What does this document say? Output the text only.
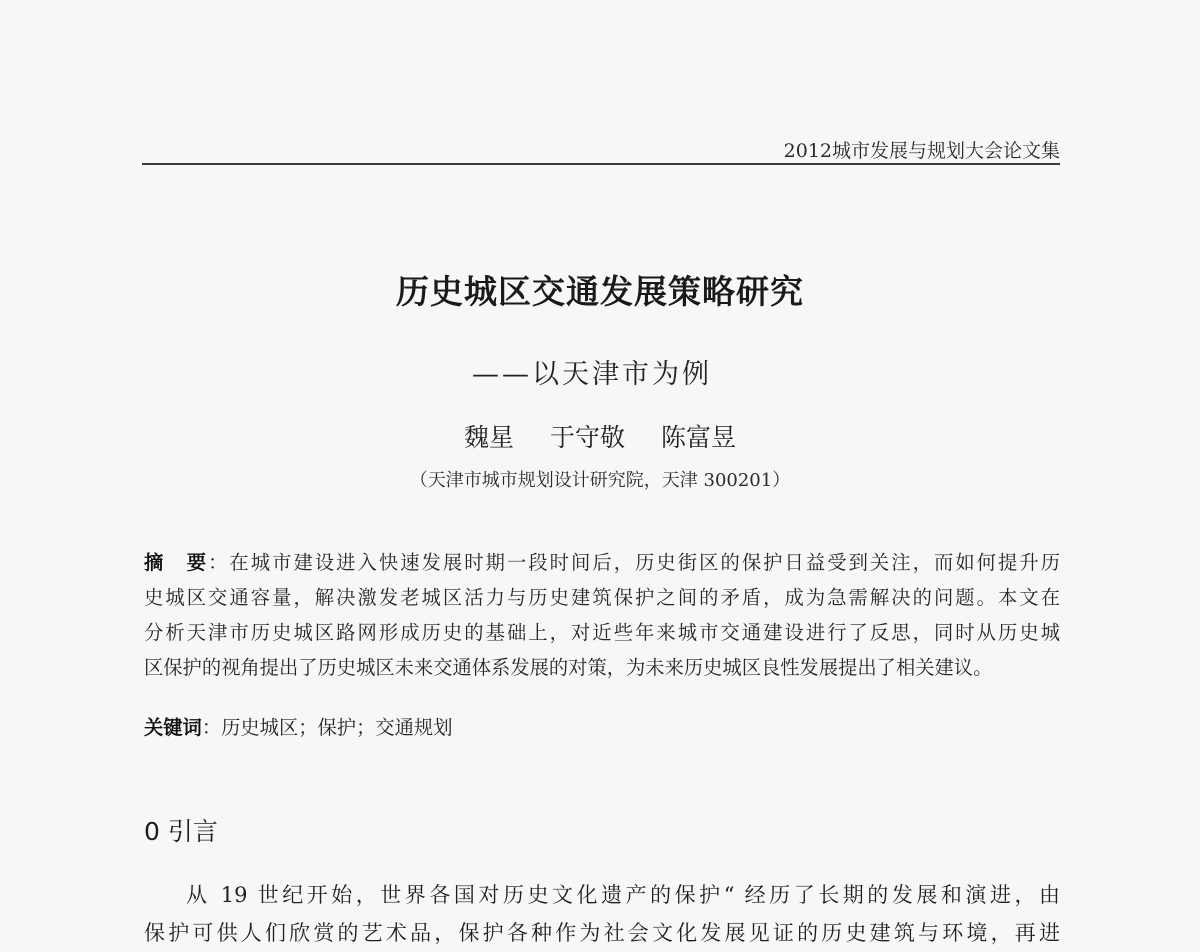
2012城市发展与规划大会论文集
历史城区交通发展策略研究
——以天津市为例
魏星 于守敬 陈富昱
（天津市城市规划设计研究院，天津 300201）
摘　要：在城市建设进入快速发展时期一段时间后，历史街区的保护日益受到关注，而如何提升历
史城区交通容量，解决激发老城区活力与历史建筑保护之间的矛盾，成为急需解决的问题。本文在
分析天津市历史城区路网形成历史的基础上，对近些年来城市交通建设进行了反思，同时从历史城
区保护的视角提出了历史城区未来交通体系发展的对策，为未来历史城区良性发展提出了相关建议。
关键词：历史城区；保护；交通规划
0 引言
从 19 世纪开始，世界各国对历史文化遗产的保护“ 经历了长期的发展和演进，由
保护可供人们欣赏的艺术品，保护各种作为社会文化发展见证的历史建筑与环境，再进
